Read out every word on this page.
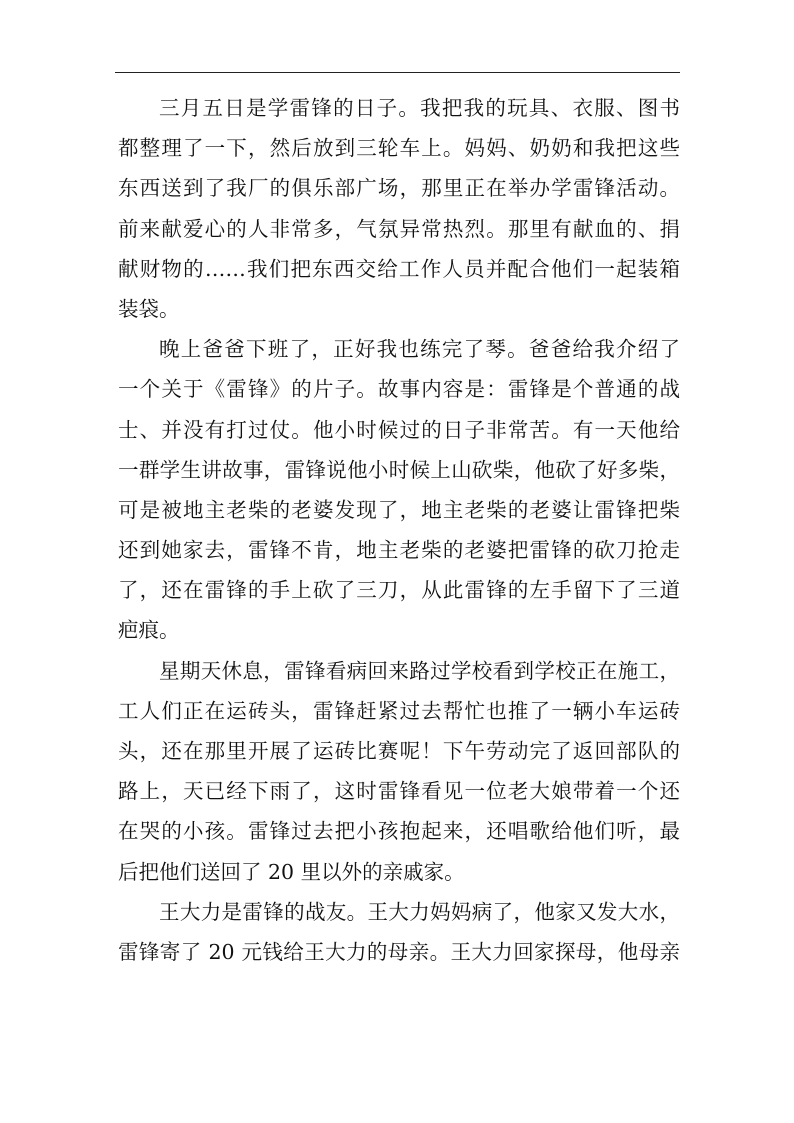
三月五日是学雷锋的日子。我把我的玩具、衣服、图书
都整理了一下，然后放到三轮车上。妈妈、奶奶和我把这些
东西送到了我厂的俱乐部广场，那里正在举办学雷锋活动。
前来献爱心的人非常多，气氛异常热烈。那里有献血的、捐
献财物的……我们把东西交给工作人员并配合他们一起装箱
装袋。
晚上爸爸下班了，正好我也练完了琴。爸爸给我介绍了
一个关于《雷锋》的片子。故事内容是：雷锋是个普通的战
士、并没有打过仗。他小时候过的日子非常苦。有一天他给
一群学生讲故事，雷锋说他小时候上山砍柴，他砍了好多柴，
可是被地主老柴的老婆发现了，地主老柴的老婆让雷锋把柴
还到她家去，雷锋不肯，地主老柴的老婆把雷锋的砍刀抢走
了，还在雷锋的手上砍了三刀，从此雷锋的左手留下了三道
疤痕。
星期天休息，雷锋看病回来路过学校看到学校正在施工，
工人们正在运砖头，雷锋赶紧过去帮忙也推了一辆小车运砖
头，还在那里开展了运砖比赛呢！下午劳动完了返回部队的
路上，天已经下雨了，这时雷锋看见一位老大娘带着一个还
在哭的小孩。雷锋过去把小孩抱起来，还唱歌给他们听，最
后把他们送回了 20 里以外的亲戚家。
王大力是雷锋的战友。王大力妈妈病了，他家又发大水，
雷锋寄了 20 元钱给王大力的母亲。王大力回家探母，他母亲
